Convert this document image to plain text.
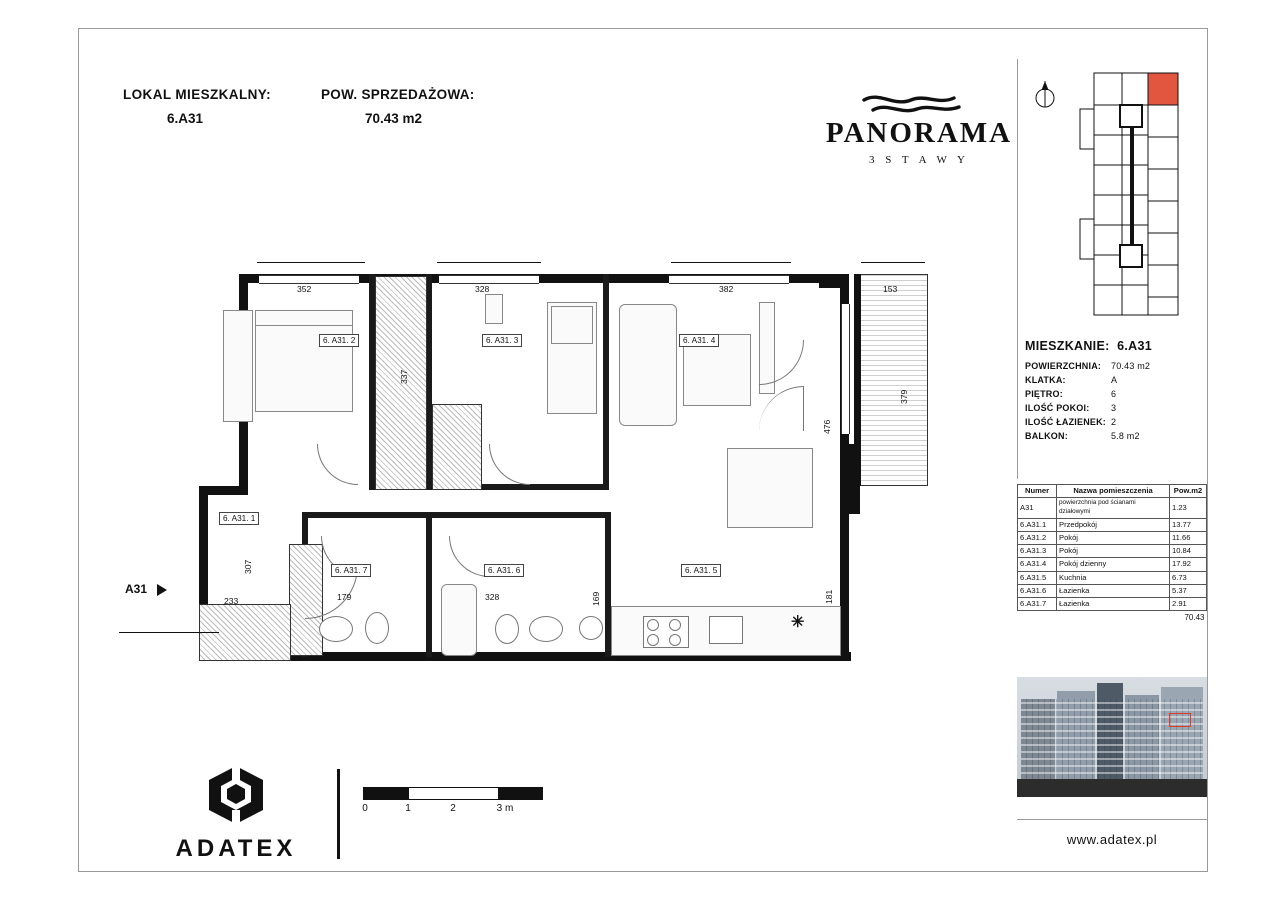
LOKAL MIESZKALNY:
6.A31
POW. SPRZEDAŻOWA:
70.43 m2	PANORAMA
3 S T A W Y
MIESZKANIE: 6.A31
POWIERZCHNIA: 70.43 m2
KLATKA:	A
PIĘTRO:	6
ILOŚĆ POKOI: 3
ILOŚĆ ŁAZIENEK: 2
BALKON:	5.8 m2
Numer	Nazwa pomieszczenia	Pow.m2
A31	powierzchnia pod ścianami działowymi	1.23
6.A31.1	Przedpokój	13.77
6.A31.2	Pokój	11.66
6.A31.3	Pokój	10.84
6.A31.4	Pokój dzienny	17.92
6.A31.5	Kuchnia	6.73
6.A31.6	Łazienka	5.37
6.A31.7	Łazienka	2.91
		70.43
www.adatex.pl
ADATEX
0	1	2	3 m
✳
A31
6. A31. 1
6. A31. 2	6. A31. 3	6. A31. 4
6. A31. 5
6. A31. 6
6. A31. 7
352	328	382	153
379
476
181
337
307
233	179	328	169
